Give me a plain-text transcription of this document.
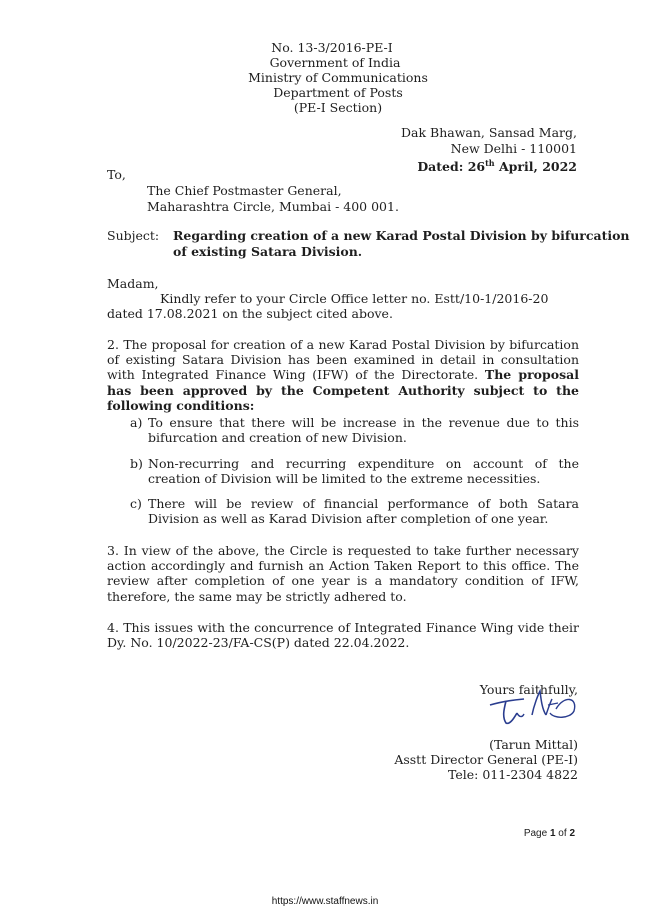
No. 13-3/2016-PE-I
Government of India
Ministry of Communications
Department of Posts
(PE-I Section)
Dak Bhawan, Sansad Marg,
New Delhi - 110001
Dated: 26th April, 2022
To,
The Chief Postmaster General,
Maharashtra Circle, Mumbai - 400 001.
Subject: Regarding creation of a new Karad Postal Division by bifurcation
of existing Satara Division.
Madam,
Kindly refer to your Circle Office letter no. Estt/10-1/2016-20
dated 17.08.2021 on the subject cited above.
2. The proposal for creation of a new Karad Postal Division by bifurcation of existing Satara Division has been examined in detail in consultation with Integrated Finance Wing (IFW) of the Directorate. The proposal has been approved by the Competent Authority subject to the following conditions:
a) To ensure that there will be increase in the revenue due to this bifurcation and creation of new Division.
b) Non-recurring and recurring expenditure on account of the creation of Division will be limited to the extreme necessities.
c) There will be review of financial performance of both Satara Division as well as Karad Division after completion of one year.
3. In view of the above, the Circle is requested to take further necessary action accordingly and furnish an Action Taken Report to this office. The review after completion of one year is a mandatory condition of IFW, therefore, the same may be strictly adhered to.
4. This issues with the concurrence of Integrated Finance Wing vide their Dy. No. 10/2022-23/FA-CS(P) dated 22.04.2022.
Yours faithfully,
(Tarun Mittal)
Asstt Director General (PE-I)
Tele: 011-2304 4822
Page 1 of 2
https://www.staffnews.in
